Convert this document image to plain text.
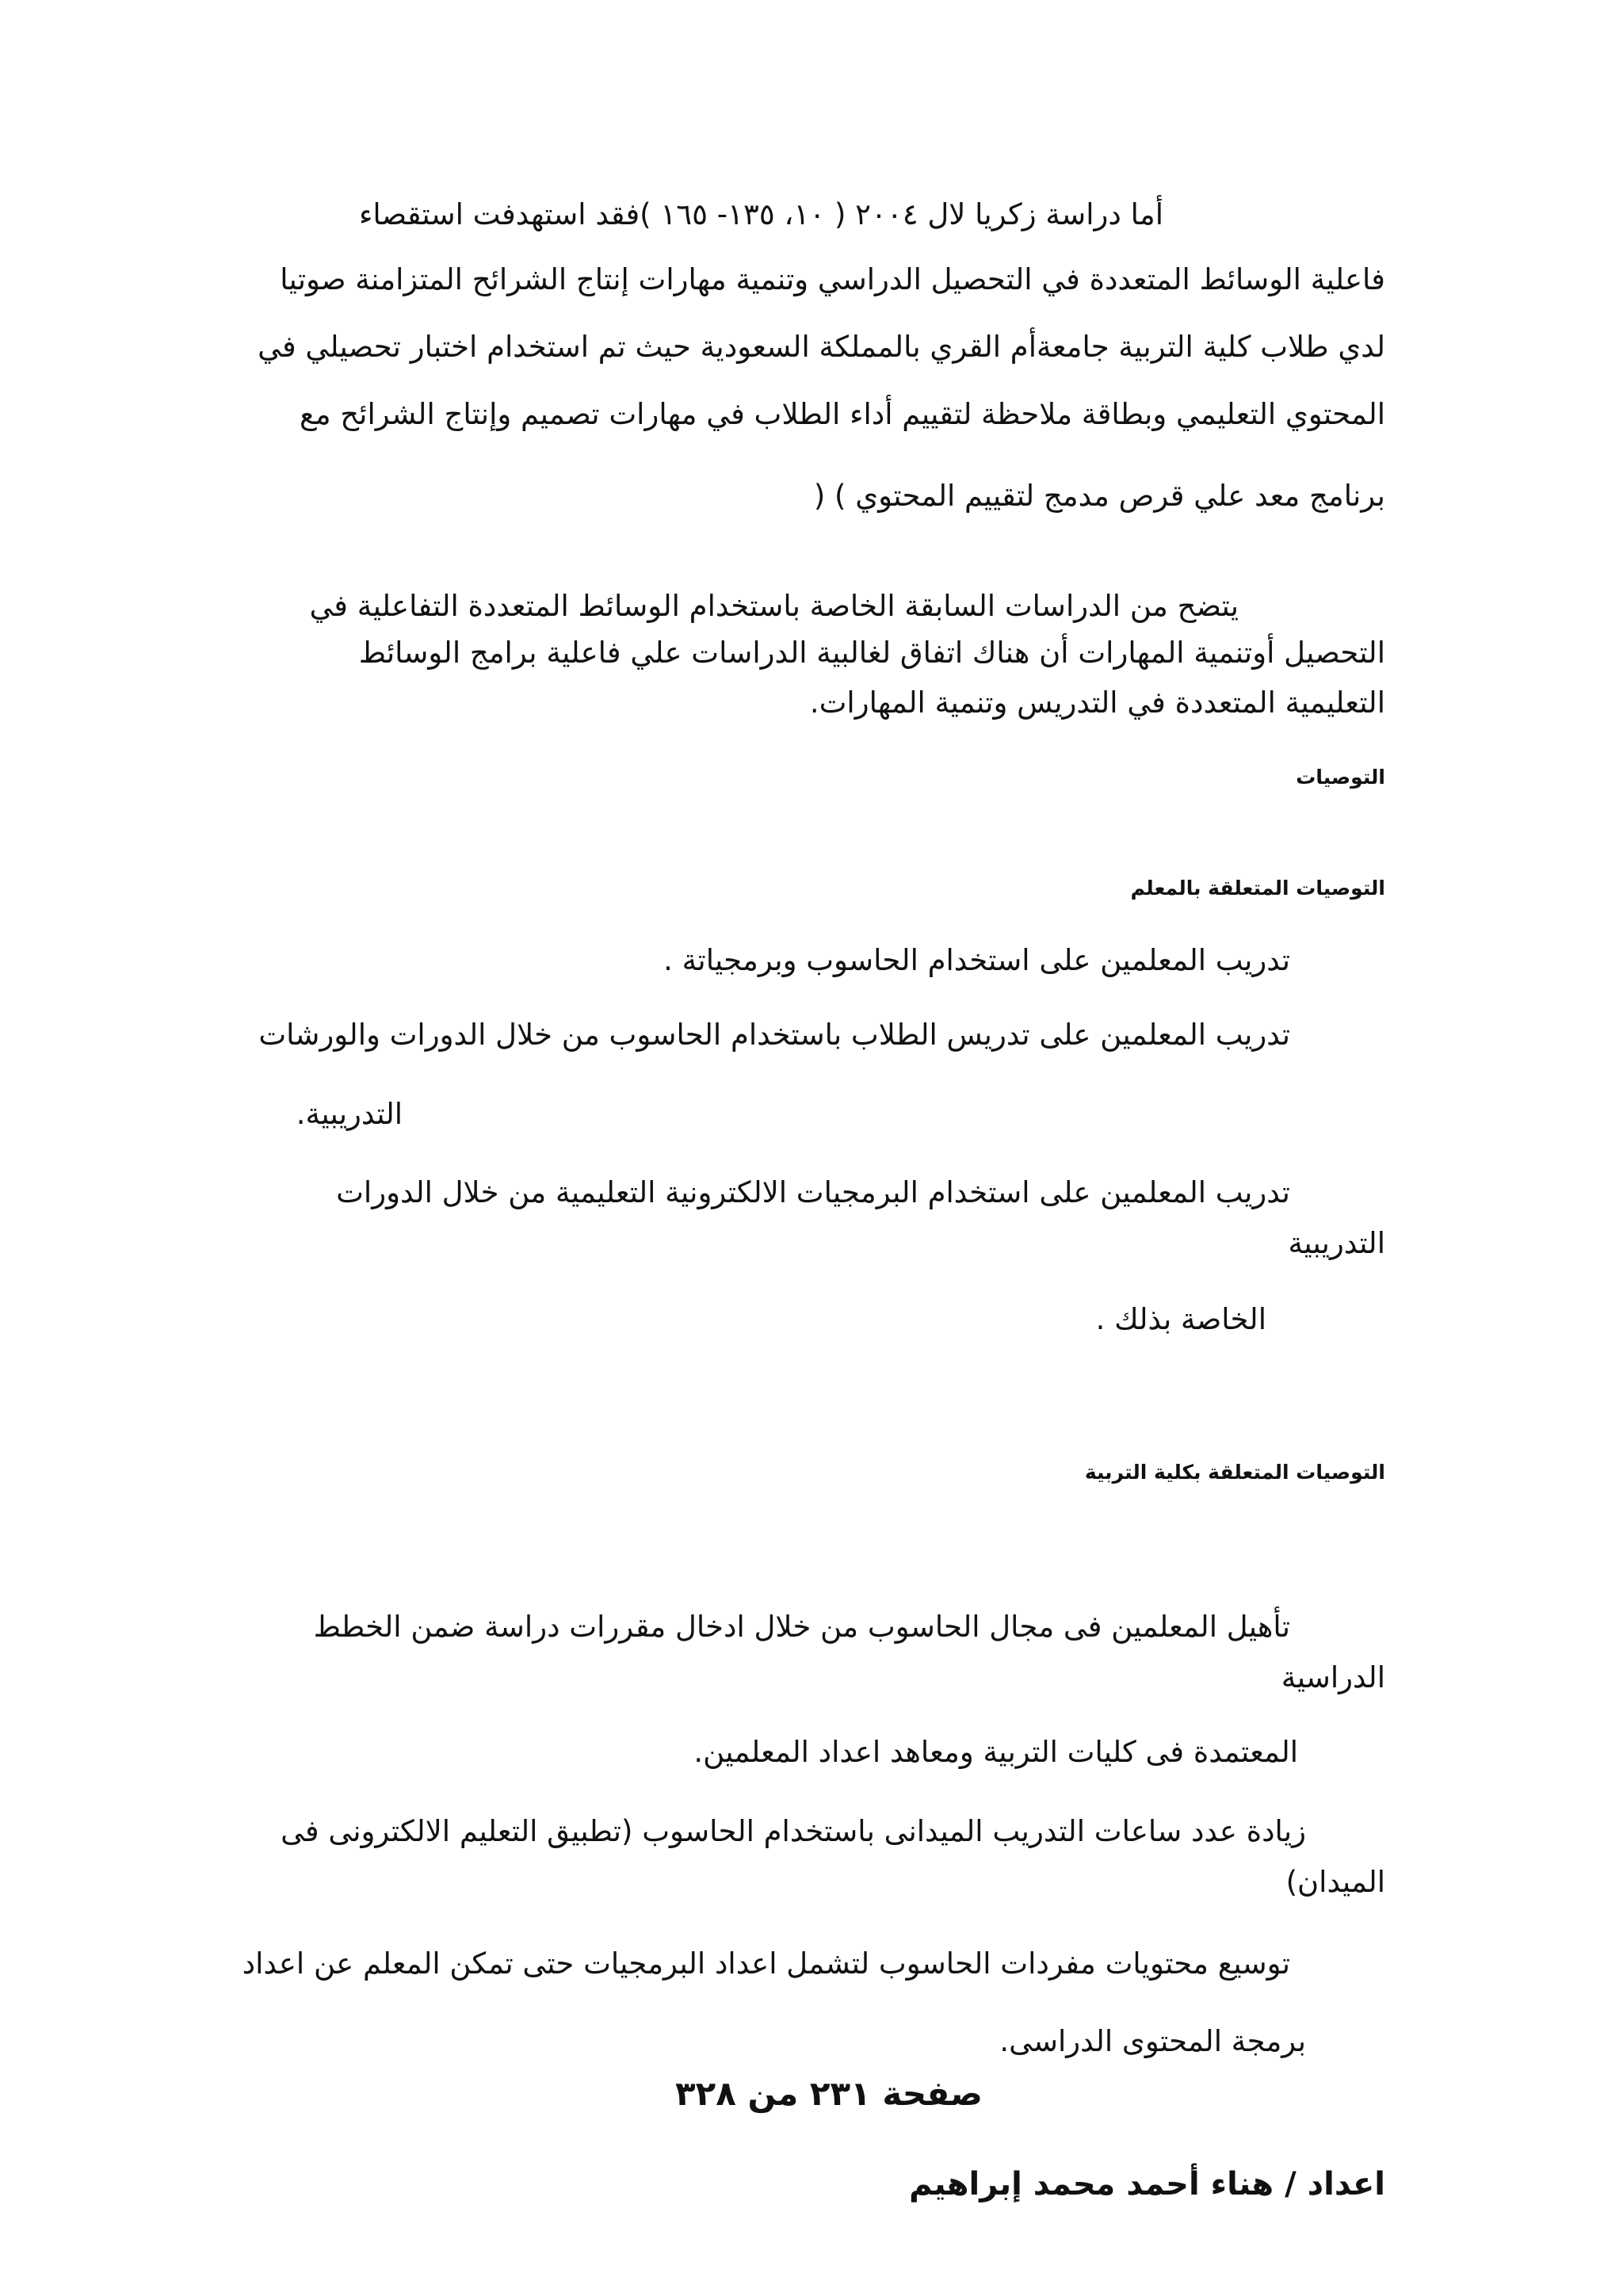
أما دراسة زكريا لال ٢٠٠٤ ( ١٠، ١٣٥- ١٦٥ )فقد استهدفت استقصاء
فاعلية الوسائط المتعددة في التحصيل الدراسي وتنمية مهارات إنتاج الشرائح المتزامنة صوتيا
لدي طلاب كلية التربية جامعةأم القري بالمملكة السعودية حيث تم استخدام اختبار تحصيلي في
المحتوي التعليمي وبطاقة ملاحظة لتقييم أداء الطلاب في مهارات تصميم وإنتاج الشرائح مع
برنامج معد علي قرص مدمج لتقييم المحتوي ) (
يتضح من الدراسات السابقة الخاصة باستخدام الوسائط المتعددة التفاعلية في
التحصيل أوتنمية المهارات أن هناك اتفاق لغالبية الدراسات علي فاعلية برامج الوسائط
التعليمية المتعددة في التدريس وتنمية المهارات.
التوصيات
التوصيات المتعلقة بالمعلم
تدريب المعلمين على استخدام الحاسوب وبرمجياتة .
تدريب المعلمين على تدريس الطلاب باستخدام الحاسوب من خلال الدورات والورشات
التدريبية.
تدريب المعلمين على استخدام البرمجيات الالكترونية التعليمية من خلال الدورات
التدريبية
الخاصة بذلك .
التوصيات المتعلقة بكلية التربية
تأهيل المعلمين فى مجال الحاسوب من خلال ادخال مقررات دراسة ضمن الخطط
الدراسية
المعتمدة فى كليات التربية ومعاهد اعداد المعلمين.
زيادة عدد ساعات التدريب الميدانى باستخدام الحاسوب (تطبيق التعليم الالكترونى فى
الميدان)
توسيع محتويات مفردات الحاسوب لتشمل اعداد البرمجيات حتى تمكن المعلم عن اعداد
برمجة المحتوى الدراسى.
صفحة ٢٣١ من ٣٢٨
اعداد / هناء أحمد محمد إبراهيم
